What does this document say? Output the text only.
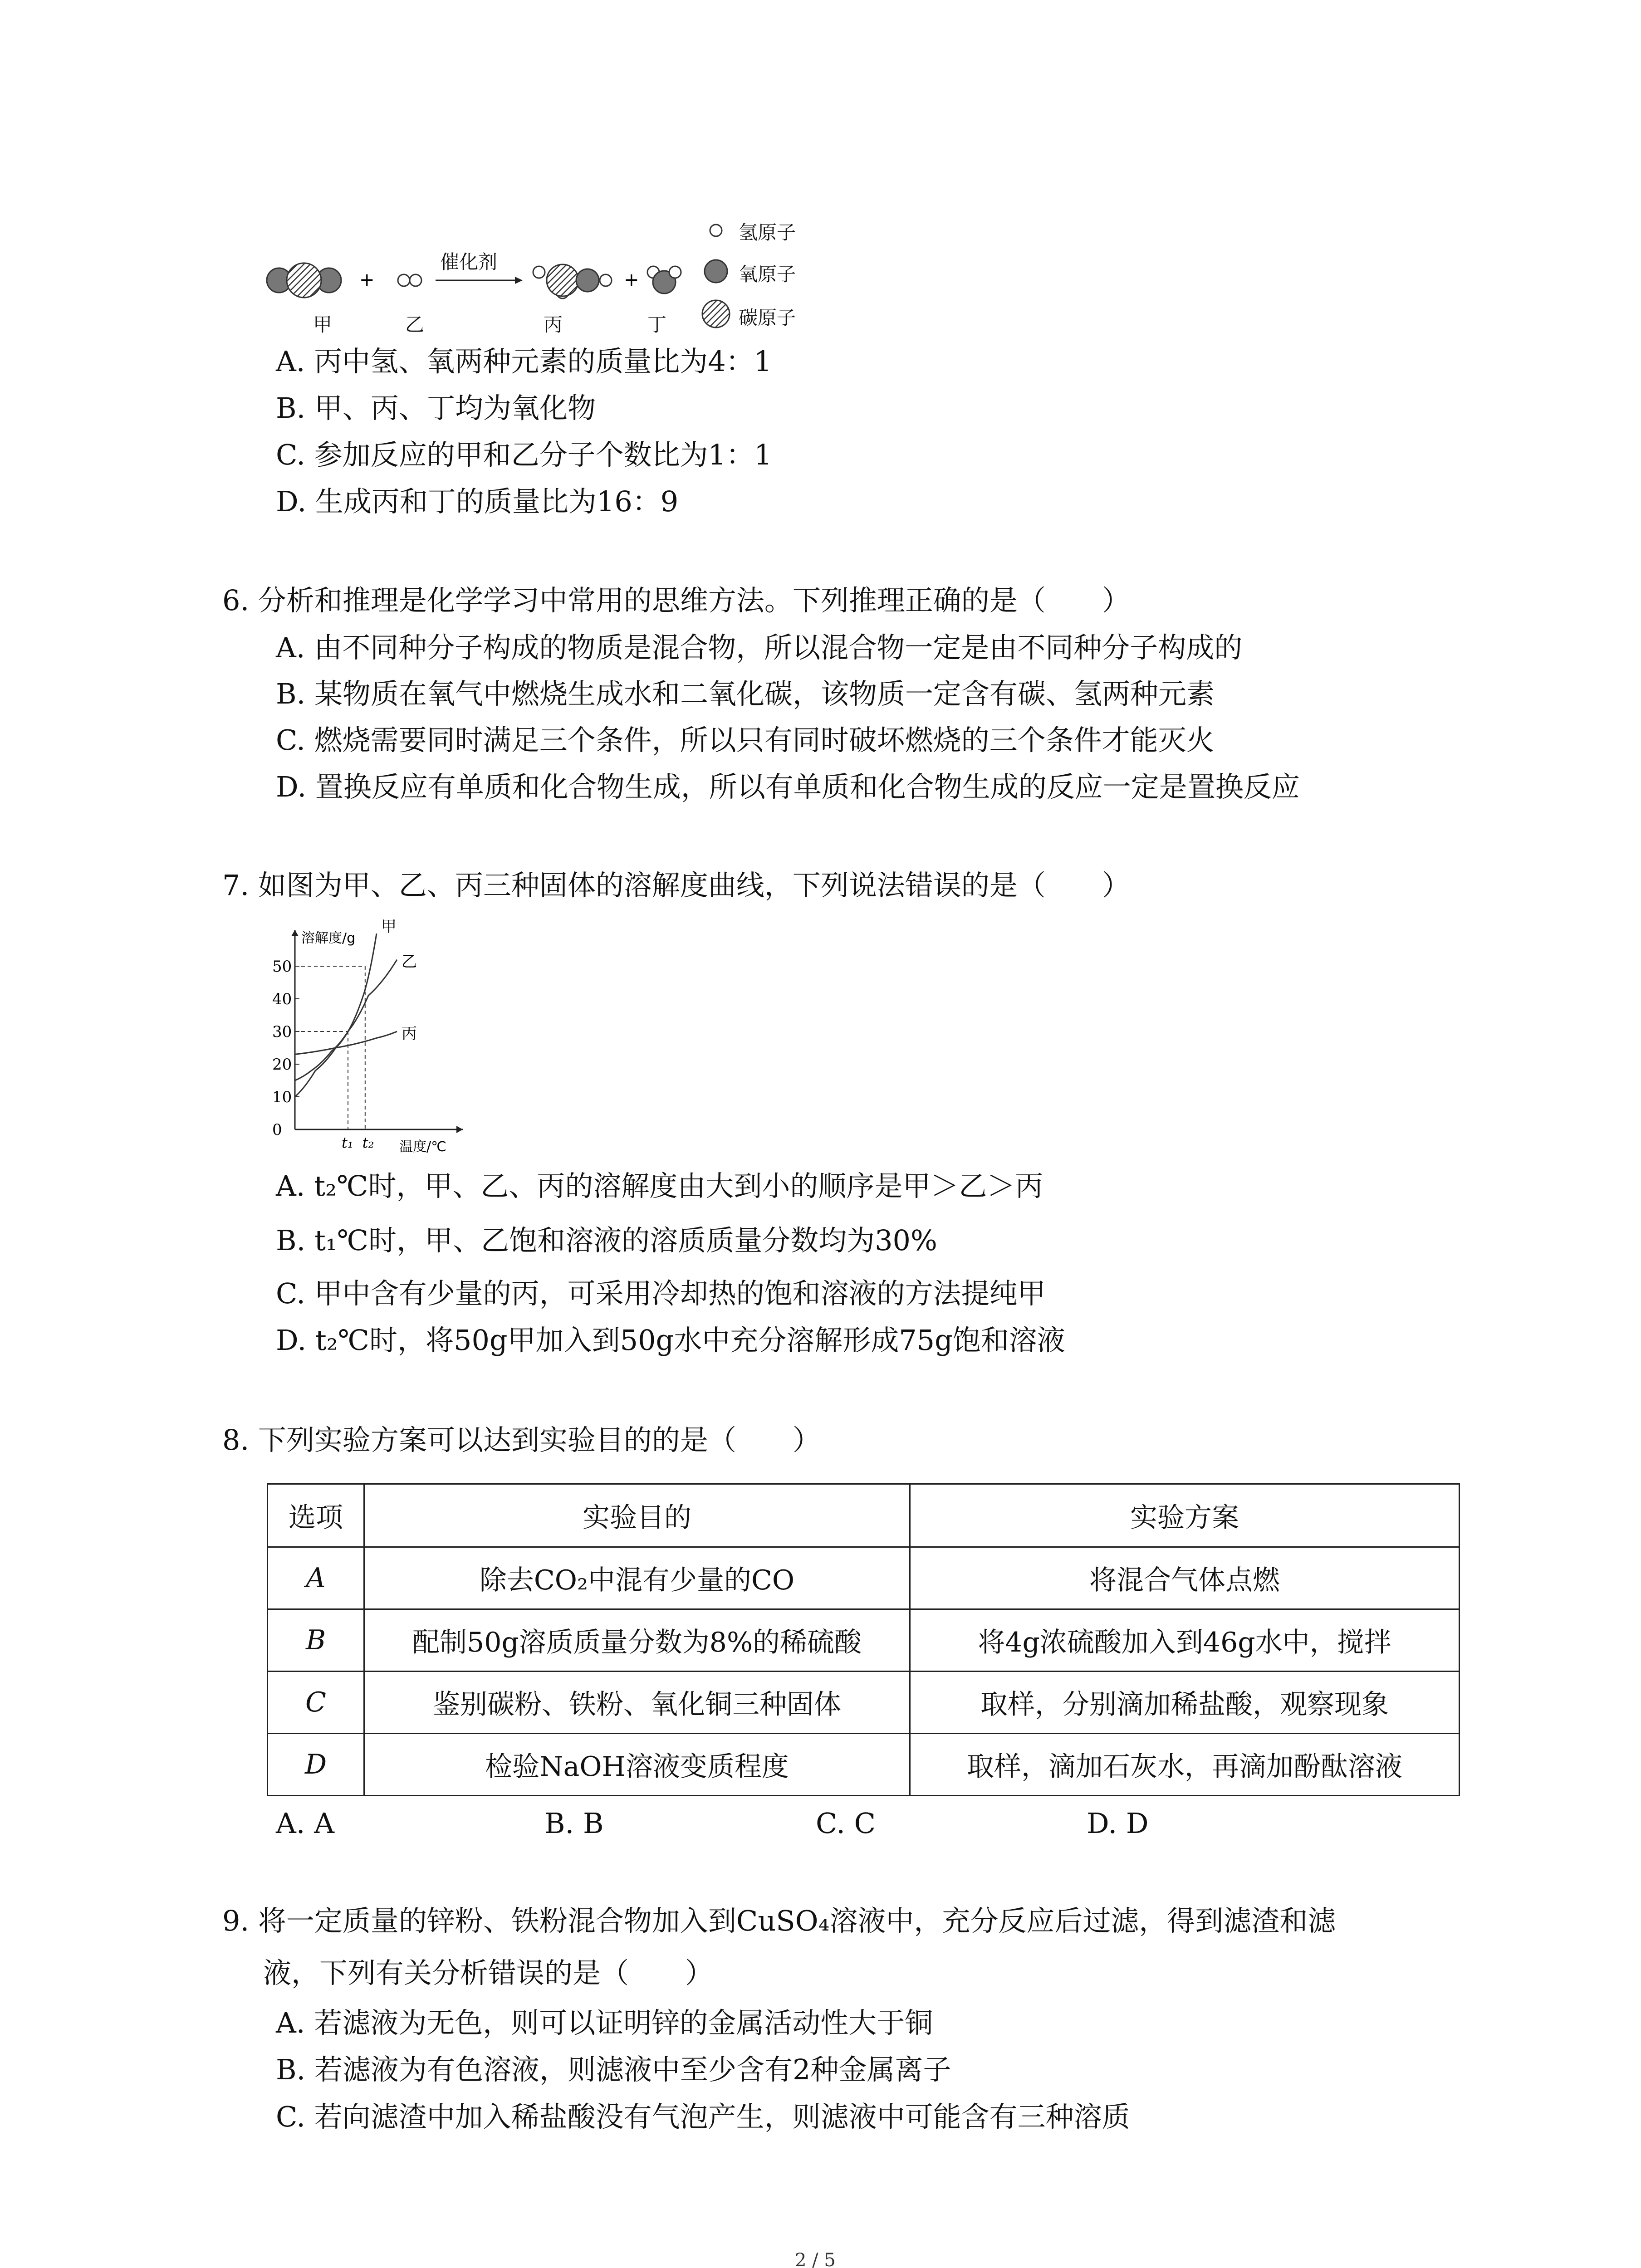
+	+
催化剂
甲	乙	丙	丁
氢原子
氧原子
碳原子
A. 丙中氢、氧两种元素的质量比为4：1
B. 甲、丙、丁均为氧化物
C. 参加反应的甲和乙分子个数比为1：1
D. 生成丙和丁的质量比为16：9
6. 分析和推理是化学学习中常用的思维方法。下列推理正确的是（　　）
A. 由不同种分子构成的物质是混合物，所以混合物一定是由不同种分子构成的
B. 某物质在氧气中燃烧生成水和二氧化碳，该物质一定含有碳、氢两种元素
C. 燃烧需要同时满足三个条件，所以只有同时破坏燃烧的三个条件才能灭火
D. 置换反应有单质和化合物生成，所以有单质和化合物生成的反应一定是置换反应
7. 如图为甲、乙、丙三种固体的溶解度曲线，下列说法错误的是（　　）
0
10
20
30
40
50
t₁ t₂
溶解度/g
温度/℃
甲
乙
丙
A. t₂℃时，甲、乙、丙的溶解度由大到小的顺序是甲＞乙＞丙
B. t₁℃时，甲、乙饱和溶液的溶质质量分数均为30%
C. 甲中含有少量的丙，可采用冷却热的饱和溶液的方法提纯甲
D. t₂℃时，将50g甲加入到50g水中充分溶解形成75g饱和溶液
8. 下列实验方案可以达到实验目的的是（　　）
选项	实验目的	实验方案
A	除去CO₂中混有少量的CO	将混合气体点燃
B	配制50g溶质质量分数为8%的稀硫酸	将4g浓硫酸加入到46g水中，搅拌
C	鉴别碳粉、铁粉、氧化铜三种固体	取样，分别滴加稀盐酸，观察现象
D	检验NaOH溶液变质程度	取样，滴加石灰水，再滴加酚酞溶液
A. A	B. B	C. C	D. D
9. 将一定质量的锌粉、铁粉混合物加入到CuSO₄溶液中，充分反应后过滤，得到滤渣和滤
液，下列有关分析错误的是（　　）
A. 若滤液为无色，则可以证明锌的金属活动性大于铜
B. 若滤液为有色溶液，则滤液中至少含有2种金属离子
C. 若向滤渣中加入稀盐酸没有气泡产生，则滤液中可能含有三种溶质
2 / 5
